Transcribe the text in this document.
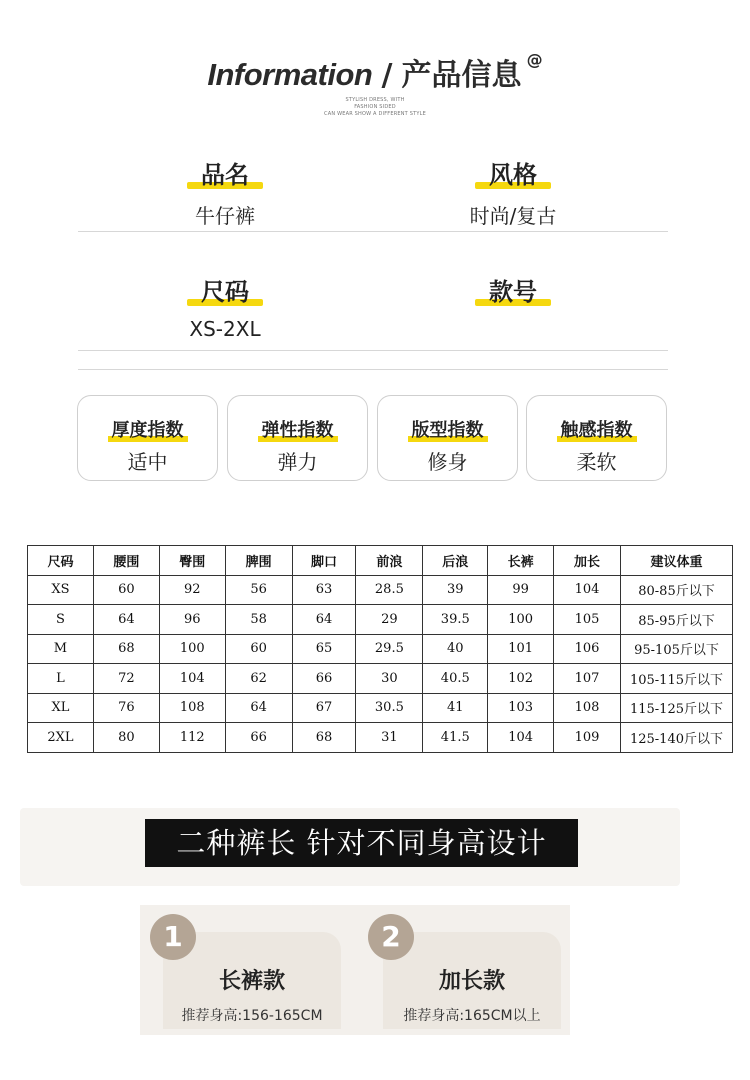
Information / 产品信息 @
STYLISH DRESS, WITH
FASHION SIDED
CAN WEAR SHOW A DIFFERENT STYLE
品名
牛仔裤
风格
时尚/复古
尺码
XS-2XL
款号
厚度指数
适中
弹性指数
弹力
版型指数
修身
触感指数
柔软
尺码	腰围	臀围	脾围	脚口	前浪	后浪	长裤	加长	建议体重
XS	60	92	56	63	28.5	39	99	104	80-85斤以下
S	64	96	58	64	29	39.5	100	105	85-95斤以下
M	68	100	60	65	29.5	40	101	106	95-105斤以下
L	72	104	62	66	30	40.5	102	107	105-115斤以下
XL	76	108	64	67	30.5	41	103	108	115-125斤以下
2XL	80	112	66	68	31	41.5	104	109	125-140斤以下
二种裤长 针对不同身高设计
长裤款
推荐身高:156-165CM
1
加长款
推荐身高:165CM以上
2
